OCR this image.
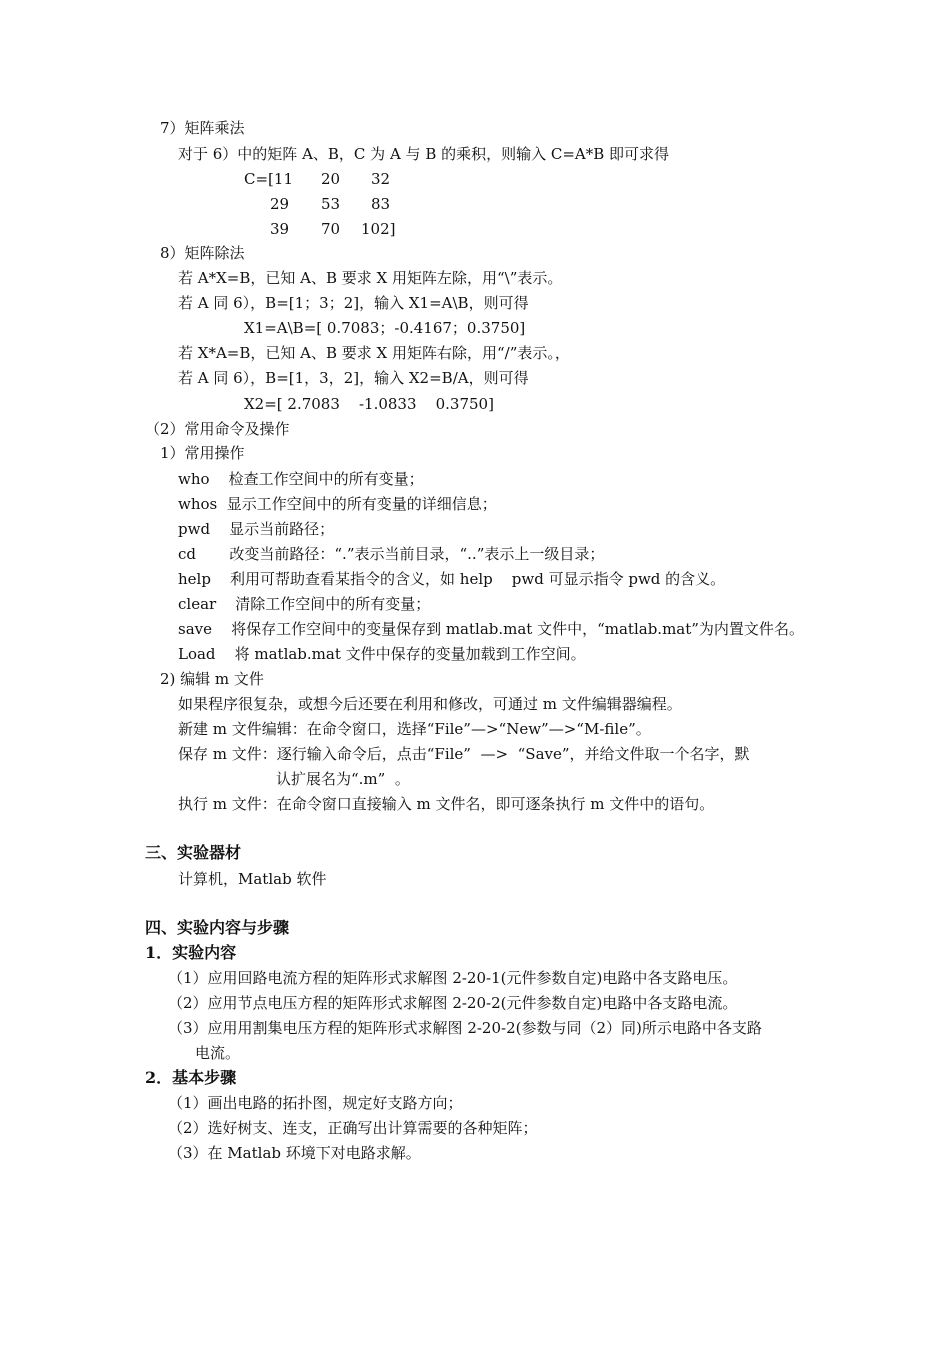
7）矩阵乘法
对于 6）中的矩阵 A、B，C 为 A 与 B 的乘积，则输入 C=A*B 即可求得
C=[11 20 32
29 53 83
39 70 102]
8）矩阵除法
若 A*X=B，已知 A、B 要求 X 用矩阵左除，用“\”表示。
若 A 同 6），B=[1；3；2]，输入 X1=A\B，则可得
X1=A\B=[ 0.7083；-0.4167；0.3750]
若 X*A=B，已知 A、B 要求 X 用矩阵右除，用“/”表示。，
若 A 同 6），B=[1，3，2]，输入 X2=B/A，则可得
X2=[ 2.7083    -1.0833    0.3750]
（2）常用命令及操作
1）常用操作
who    检查工作空间中的所有变量；
whos  显示工作空间中的所有变量的详细信息；
pwd    显示当前路径；
cd       改变当前路径：“.”表示当前目录，“..”表示上一级目录；
help    利用可帮助查看某指令的含义，如 help    pwd 可显示指令 pwd 的含义。
clear    清除工作空间中的所有变量；
save    将保存工作空间中的变量保存到 matlab.mat 文件中，“matlab.mat”为内置文件名。
Load    将 matlab.mat 文件中保存的变量加载到工作空间。
2) 编辑 m 文件
如果程序很复杂，或想今后还要在利用和修改，可通过 m 文件编辑器编程。
新建 m 文件编辑：在命令窗口，选择“File”—>“New”—>“M-file”。
保存 m 文件：逐行输入命令后，点击“File”  —>  “Save”，并给文件取一个名字，默
认扩展名为“.m”  。
执行 m 文件：在命令窗口直接输入 m 文件名，即可逐条执行 m 文件中的语句。
三、实验器材
计算机，Matlab 软件
四、实验内容与步骤
1．实验内容
（1）应用回路电流方程的矩阵形式求解图 2-20-1(元件参数自定)电路中各支路电压。
（2）应用节点电压方程的矩阵形式求解图 2-20-2(元件参数自定)电路中各支路电流。
（3）应用用割集电压方程的矩阵形式求解图 2-20-2(参数与同（2）同)所示电路中各支路
电流。
2．基本步骤
（1）画出电路的拓扑图，规定好支路方向；
（2）选好树支、连支，正确写出计算需要的各种矩阵；
（3）在 Matlab 环境下对电路求解。
